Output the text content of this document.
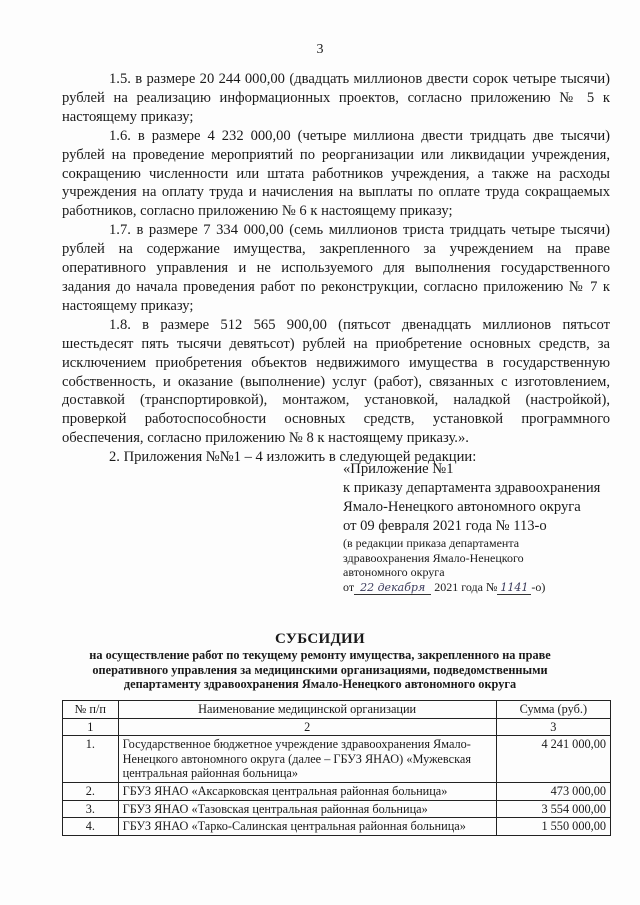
3

1.5. в размере 20 244 000,00 (двадцать миллионов двести сорок четыре тысячи) рублей на реализацию информационных проектов, согласно приложению № 5 к настоящему приказу;

1.6. в размере 4 232 000,00 (четыре миллиона двести тридцать две тысячи) рублей на проведение мероприятий по реорганизации или ликвидации учреждения, сокращению численности или штата работников учреждения, а также на расходы учреждения на оплату труда и начисления на выплаты по оплате труда сокращаемых работников, согласно приложению № 6 к настоящему приказу;

1.7. в размере 7 334 000,00 (семь миллионов триста тридцать четыре тысячи) рублей на содержание имущества, закрепленного за учреждением на праве оперативного управления и не используемого для выполнения государственного задания до начала проведения работ по реконструкции, согласно приложению № 7 к настоящему приказу;

1.8. в размере 512 565 900,00 (пятьсот двенадцать миллионов пятьсот шестьдесят пять тысячи девятьсот) рублей на приобретение основных средств, за исключением приобретения объектов недвижимого имущества в государственную собственность, и оказание (выполнение) услуг (работ), связанных с изготовлением, доставкой (транспортировкой), монтажом, установкой, наладкой (настройкой), проверкой работоспособности основных средств, установкой программного обеспечения, согласно приложению № 8 к настоящему приказу.».

2. Приложения №№1 – 4 изложить в следующей редакции:

«Приложение №1
к приказу департамента здравоохранения
Ямало-Ненецкого автономного округа
от 09 февраля 2021 года № 113-о
(в редакции приказа департамента
здравоохранения Ямало-Ненецкого
автономного округа
от 22 декабря 2021 года № 1141 -о)
СУБСИДИИ
на осуществление работ по текущему ремонту имущества, закрепленного на праве
оперативного управления за медицинскими организациями, подведомственными
департаменту здравоохранения Ямало-Ненецкого автономного округа
№ п/п	Наименование медицинской организации	Сумма (руб.)
1	2	3
1.	Государственное бюджетное учреждение здравоохранения Ямало-Ненецкого автономного округа (далее – ГБУЗ ЯНАО) «Мужевская центральная районная больница»	4 241 000,00
2.	ГБУЗ ЯНАО «Аксарковская центральная районная больница»	473 000,00
3.	ГБУЗ ЯНАО «Тазовская центральная районная больница»	3 554 000,00
4.	ГБУЗ ЯНАО «Тарко-Салинская центральная районная больница»	1 550 000,00
